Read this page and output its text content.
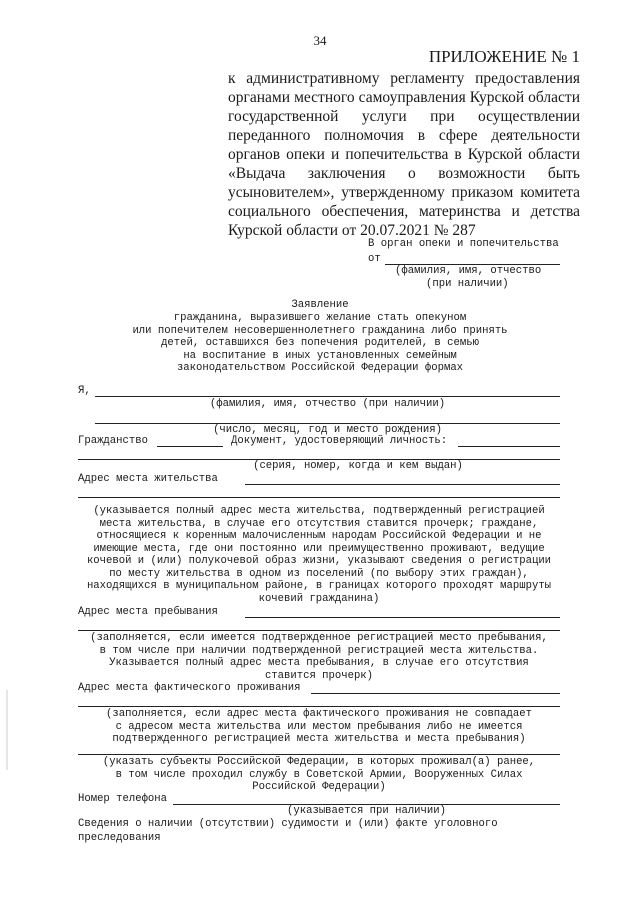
34
ПРИЛОЖЕНИЕ № 1
к административному регламенту предоставления
органами местного самоуправления Курской области
государственной услуги при осуществлении
переданного полномочия в сфере деятельности
органов опеки и попечительства в Курской области
«Выдача заключения о возможности быть
усыновителем», утвержденному приказом комитета
социального обеспечения, материнства и детства
Курской области от 20.07.2021 № 287
В орган опеки и попечительства
от
(фамилия, имя, отчество
(при наличии)
Заявление
гражданина, выразившего желание стать опекуном
или попечителем несовершеннолетнего гражданина либо принять
детей, оставшихся без попечения родителей, в семью
на воспитание в иных установленных семейным
законодательством Российской Федерации формах
Я,
(фамилия, имя, отчество (при наличии)
(число, месяц, год и место рождения)
Гражданство	Документ, удостоверяющий личность:
(серия, номер, когда и кем выдан)
Адрес места жительства
(указывается полный адрес места жительства, подтвержденный регистрацией
места жительства, в случае его отсутствия ставится прочерк; граждане,
относящиеся к коренным малочисленным народам Российской Федерации и не
имеющие места, где они постоянно или преимущественно проживают, ведущие
кочевой и (или) полукочевой образ жизни, указывают сведения о регистрации
по месту жительства в одном из поселений (по выбору этих граждан),
находящихся в муниципальном районе, в границах которого проходят маршруты
кочевий гражданина)
Адрес места пребывания
(заполняется, если имеется подтвержденное регистрацией место пребывания,
в том числе при наличии подтвержденной регистрацией места жительства.
Указывается полный адрес места пребывания, в случае его отсутствия
ставится прочерк)
Адрес места фактического проживания
(заполняется, если адрес места фактического проживания не совпадает
с адресом места жительства или местом пребывания либо не имеется
подтвержденного регистрацией места жительства и места пребывания)
(указать субъекты Российской Федерации, в которых проживал(а) ранее,
в том числе проходил службу в Советской Армии, Вооруженных Силах
Российской Федерации)
Номер телефона
(указывается при наличии)
Сведения о наличии (отсутствии) судимости и (или) факте уголовного
преследования
